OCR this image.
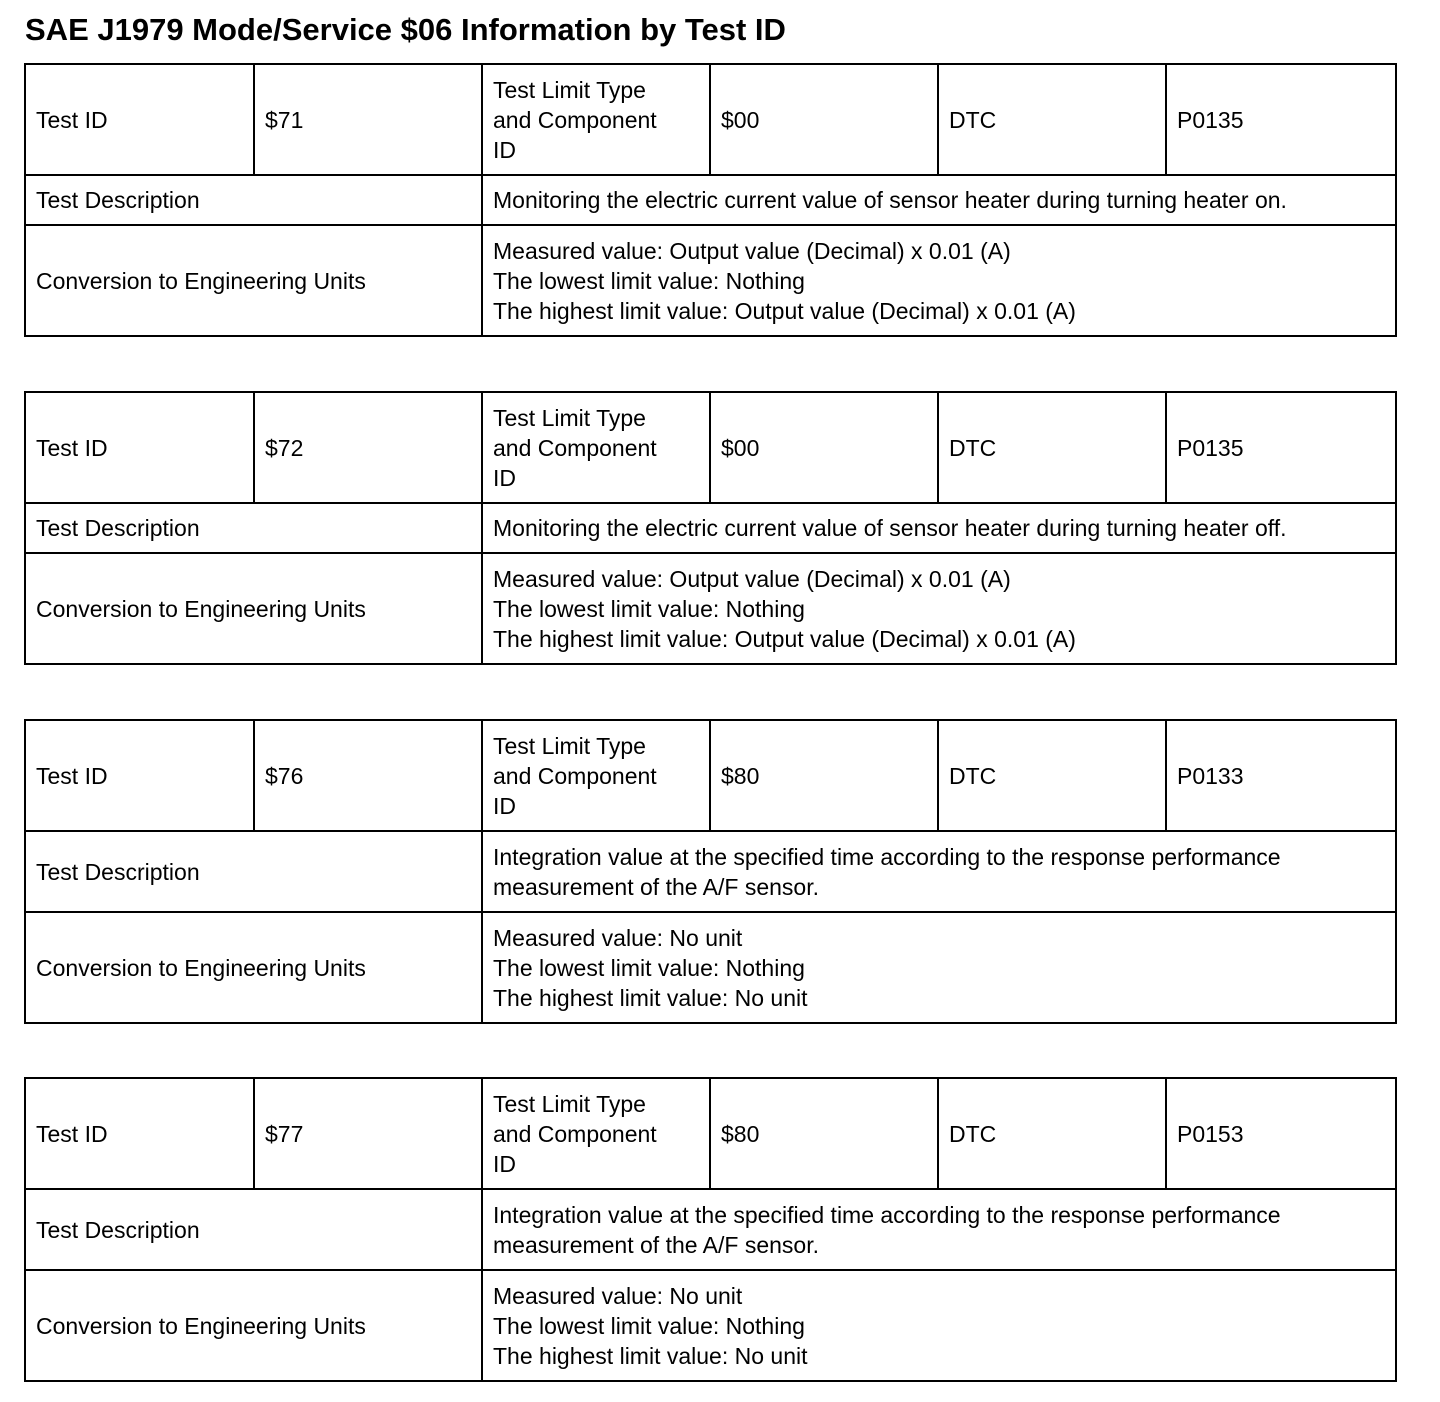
SAE J1979 Mode/Service $06 Information by Test ID
Test ID	$71	Test Limit Type
and Component
ID	$00	DTC	P0135
Test Description		Monitoring the electric current value of sensor heater during turning heater on.			
Conversion to Engineering Units		Measured value: Output value (Decimal) x 0.01 (A)
The lowest limit value: Nothing
The highest limit value: Output value (Decimal) x 0.01 (A)			
Test ID	$72	Test Limit Type
and Component
ID	$00	DTC	P0135
Test Description		Monitoring the electric current value of sensor heater during turning heater off.			
Conversion to Engineering Units		Measured value: Output value (Decimal) x 0.01 (A)
The lowest limit value: Nothing
The highest limit value: Output value (Decimal) x 0.01 (A)			
Test ID	$76	Test Limit Type
and Component
ID	$80	DTC	P0133
Test Description		Integration value at the specified time according to the response performance
measurement of the A/F sensor.			

Conversion to Engineering Units		Measured value: No unit
The lowest limit value: Nothing
The highest limit value: No unit			
Test ID	$77	Test Limit Type
and Component
ID	$80	DTC	P0153
Test Description		Integration value at the specified time according to the response performance
measurement of the A/F sensor.			

Conversion to Engineering Units		Measured value: No unit
The lowest limit value: Nothing
The highest limit value: No unit			
